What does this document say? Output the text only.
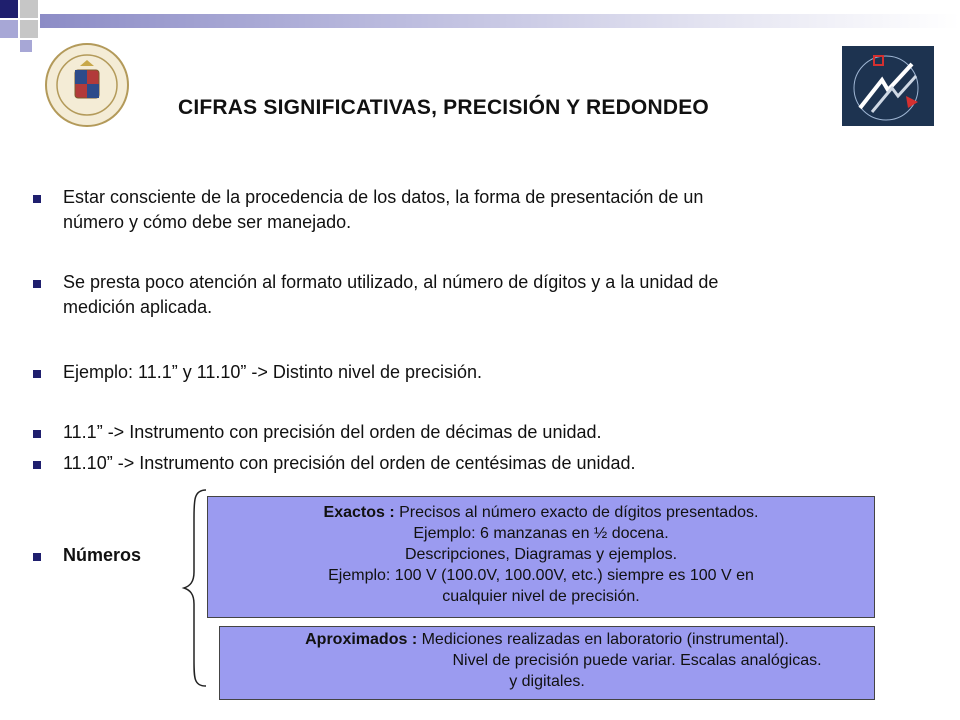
CIFRAS SIGNIFICATIVAS, PRECISIÓN Y REDONDEO
Estar consciente de la procedencia de los datos, la forma de presentación de un
número y cómo debe ser manejado.
Se presta poco atención al formato utilizado, al número de dígitos y a la unidad de
medición aplicada.
Ejemplo: 11.1” y 11.10” -> Distinto nivel de precisión.
11.1” -> Instrumento con precisión del orden de décimas de unidad.
11.10” -> Instrumento con precisión del orden de centésimas de unidad.
Números
Exactos : Precisos al número exacto de dígitos presentados.
Ejemplo: 6 manzanas en ½ docena.
Descripciones, Diagramas y ejemplos.
Ejemplo: 100 V (100.0V, 100.00V, etc.) siempre es 100 V en
cualquier nivel de precisión.
Aproximados : Mediciones realizadas en laboratorio (instrumental).
Nivel de precisión puede variar. Escalas analógicas.
y digitales.
